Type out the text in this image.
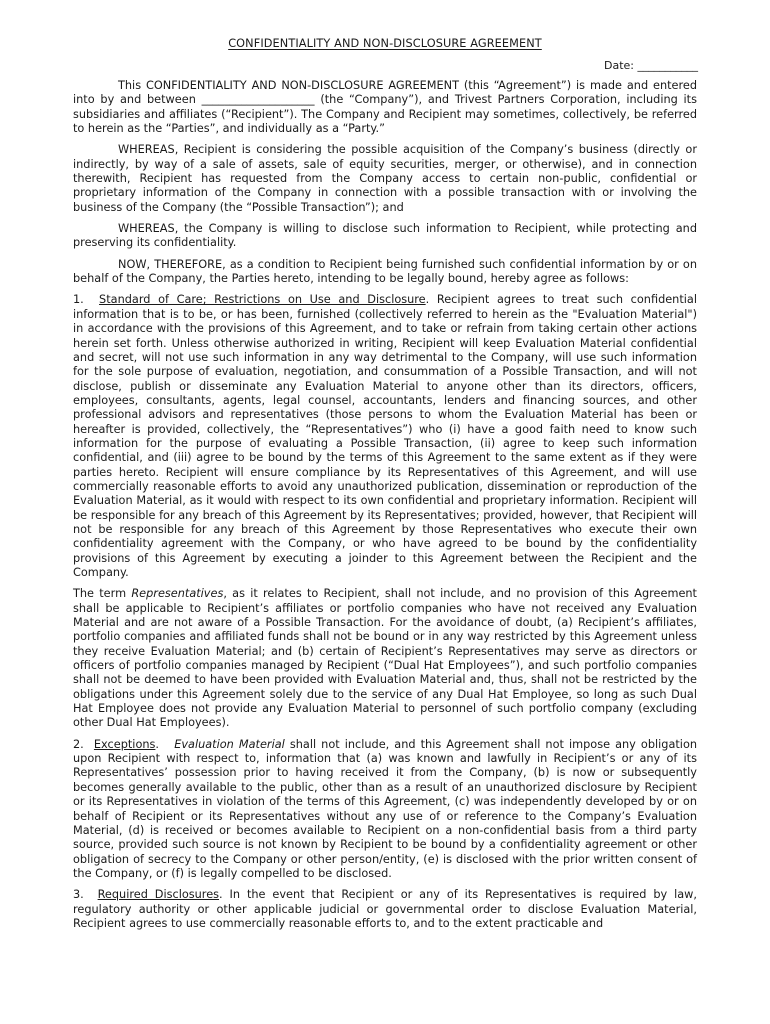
CONFIDENTIALITY AND NON-DISCLOSURE AGREEMENT
Date: ___________

This CONFIDENTIALITY AND NON-DISCLOSURE AGREEMENT (this “Agreement”) is made and entered into by and between ____________________ (the “Company”), and Trivest Partners Corporation, including its subsidiaries and affiliates (“Recipient”). The Company and Recipient may sometimes, collectively, be referred to herein as the “Parties”, and individually as a “Party.”

WHEREAS, Recipient is considering the possible acquisition of the Company’s business (directly or indirectly, by way of a sale of assets, sale of equity securities, merger, or otherwise), and in connection therewith, Recipient has requested from the Company access to certain non-public, confidential or proprietary information of the Company in connection with a possible transaction with or involving the business of the Company (the “Possible Transaction”); and

WHEREAS, the Company is willing to disclose such information to Recipient, while protecting and preserving its confidentiality.

NOW, THEREFORE, as a condition to Recipient being furnished such confidential information by or on behalf of the Company, the Parties hereto, intending to be legally bound, hereby agree as follows:

1. Standard of Care; Restrictions on Use and Disclosure. Recipient agrees to treat such confidential information that is to be, or has been, furnished (collectively referred to herein as the "Evaluation Material") in accordance with the provisions of this Agreement, and to take or refrain from taking certain other actions herein set forth. Unless otherwise authorized in writing, Recipient will keep Evaluation Material confidential and secret, will not use such information in any way detrimental to the Company, will use such information for the sole purpose of evaluation, negotiation, and consummation of a Possible Transaction, and will not disclose, publish or disseminate any Evaluation Material to anyone other than its directors, officers, employees, consultants, agents, legal counsel, accountants, lenders and financing sources, and other professional advisors and representatives (those persons to whom the Evaluation Material has been or hereafter is provided, collectively, the “Representatives”) who (i) have a good faith need to know such information for the purpose of evaluating a Possible Transaction, (ii) agree to keep such information confidential, and (iii) agree to be bound by the terms of this Agreement to the same extent as if they were parties hereto. Recipient will ensure compliance by its Representatives of this Agreement, and will use commercially reasonable efforts to avoid any unauthorized publication, dissemination or reproduction of the Evaluation Material, as it would with respect to its own confidential and proprietary information. Recipient will be responsible for any breach of this Agreement by its Representatives; provided, however, that Recipient will not be responsible for any breach of this Agreement by those Representatives who execute their own confidentiality agreement with the Company, or who have agreed to be bound by the confidentiality provisions of this Agreement by executing a joinder to this Agreement between the Recipient and the Company.

The term Representatives, as it relates to Recipient, shall not include, and no provision of this Agreement shall be applicable to Recipient’s affiliates or portfolio companies who have not received any Evaluation Material and are not aware of a Possible Transaction. For the avoidance of doubt, (a) Recipient’s affiliates, portfolio companies and affiliated funds shall not be bound or in any way restricted by this Agreement unless they receive Evaluation Material; and (b) certain of Recipient’s Representatives may serve as directors or officers of portfolio companies managed by Recipient (“Dual Hat Employees”), and such portfolio companies shall not be deemed to have been provided with Evaluation Material and, thus, shall not be restricted by the obligations under this Agreement solely due to the service of any Dual Hat Employee, so long as such Dual Hat Employee does not provide any Evaluation Material to personnel of such portfolio company (excluding other Dual Hat Employees).

2. Exceptions.   Evaluation Material shall not include, and this Agreement shall not impose any obligation upon Recipient with respect to, information that (a) was known and lawfully in Recipient’s or any of its Representatives’ possession prior to having received it from the Company, (b) is now or subsequently becomes generally available to the public, other than as a result of an unauthorized disclosure by Recipient or its Representatives in violation of the terms of this Agreement, (c) was independently developed by or on behalf of Recipient or its Representatives without any use of or reference to the Company’s Evaluation Material, (d) is received or becomes available to Recipient on a non-confidential basis from a third party source, provided such source is not known by Recipient to be bound by a confidentiality agreement or other obligation of secrecy to the Company or other person/entity, (e) is disclosed with the prior written consent of the Company, or (f) is legally compelled to be disclosed.

3. Required Disclosures. In the event that Recipient or any of its Representatives is required by law, regulatory authority or other applicable judicial or governmental order to disclose Evaluation Material, Recipient agrees to use commercially reasonable efforts to, and to the extent practicable and
